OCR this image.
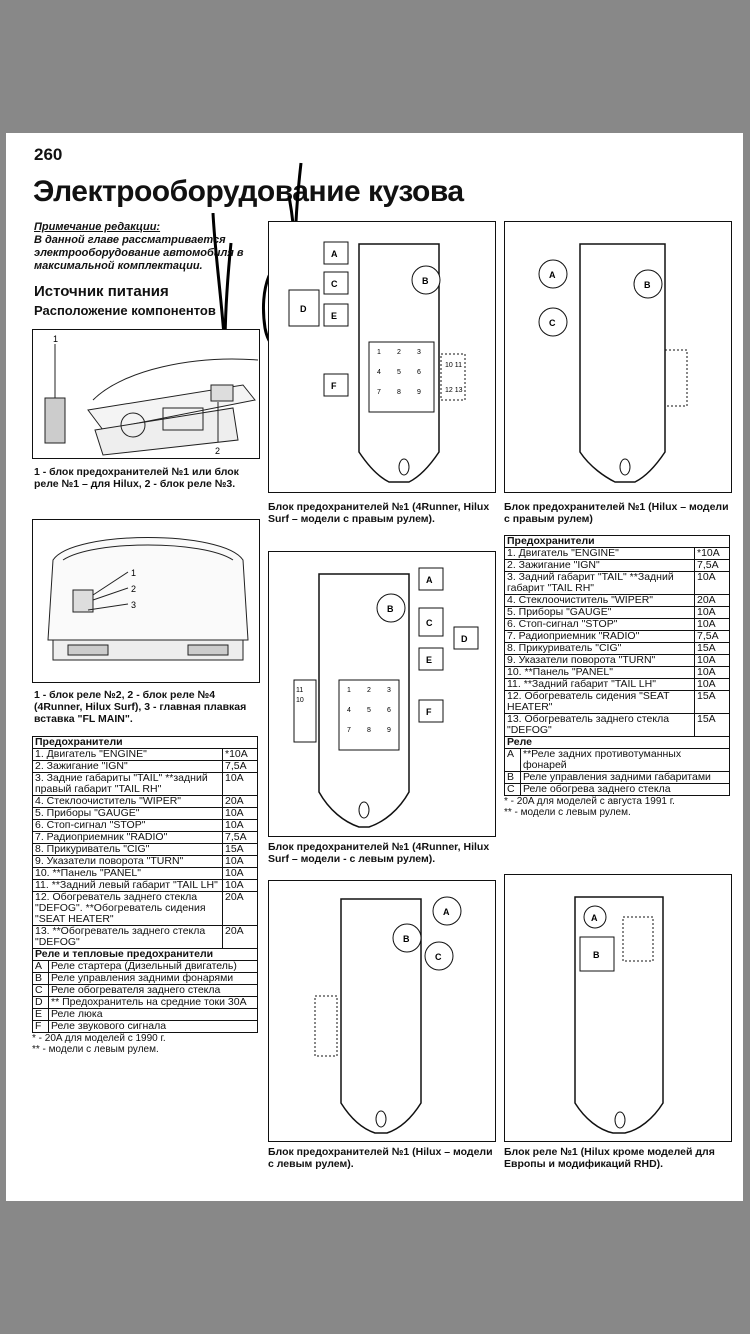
260
Электрооборудование кузова
Примечание редакции:
В данной главе рассматривается электрооборудование автомобиля в максимальной комплектации.
Источник питания
Расположение компонентов
1
2
1 - блок предохранителей №1 или блок реле №1 – для Hilux, 2 - блок реле №3.
1
2
3
1 - блок реле №2, 2 - блок реле №4 (4Runner, Hilux Surf), 3 - главная плавкая вставка "FL MAIN".
Предохранители	
1. Двигатель "ENGINE"	*10A
2. Зажигание "IGN"	7,5A
3. Задние габариты "TAIL" **задний правый габарит "TAIL RH"	10A
4. Стеклоочиститель "WIPER"	20A
5. Приборы "GAUGE"	10A
6. Стоп-сигнал "STOP"	10A
7. Радиоприемник "RADIO"	7,5A
8. Прикуриватель "CIG"	15A
9. Указатели поворота "TURN"	10A
10. **Панель "PANEL"	10A
11. **Задний левый габарит "TAIL LH"	10A
12. Обогреватель заднего стекла "DEFOG". **Обогреватель сидения "SEAT HEATER"	20A
13. **Обогреватель заднего стекла "DEFOG"	20A
Реле и тепловые предохранители	
A	Реле стартера (Дизельный двигатель)
B	Реле управления задними фонарями
C	Реле обогревателя заднего стекла
D	** Предохранитель на средние токи 30A
E	Реле люка
F	Реле звукового сигнала
* - 20A для моделей с 1990 г.
** - модели с левым рулем.
B
A
C
D
E
F
1 2 3
4 5 6
7 8 9
10 11
12 13
Блок предохранителей №1 (4Runner, Hilux Surf – модели с правым рулем).
A
B
C
Блок предохранителей №1 (Hilux – модели с правым рулем)
Предохранители	
1. Двигатель "ENGINE"	*10A
2. Зажигание "IGN"	7,5A
3. Задний габарит "TAIL" **Задний габарит "TAIL RH"	10A
4. Стеклоочиститель "WIPER"	20A
5. Приборы "GAUGE"	10A
6. Стоп-сигнал "STOP"	10A
7. Радиоприемник "RADIO"	7,5A
8. Прикуриватель "CIG"	15A
9. Указатели поворота "TURN"	10A
10. **Панель "PANEL"	10A
11. **Задний габарит "TAIL LH"	10A
12. Обогреватель сидения "SEAT HEATER"	15A
13. Обогреватель заднего стекла "DEFOG"	15A
Реле	
A	**Реле задних противотуманных фонарей
B	Реле управления задними габаритами
C	Реле обогрева заднего стекла
* - 20A для моделей с августа 1991 г.
** - модели с левым рулем.
A
B
C
D
E
F
11
10
1 2 3
4 5 6
7 8 9
Блок предохранителей №1 (4Runner, Hilux Surf – модели - с левым рулем).
A
B
C
Блок предохранителей №1 (Hilux – модели с левым рулем).
A
B
Блок реле №1 (Hilux кроме моделей для Европы и модификаций RHD).
